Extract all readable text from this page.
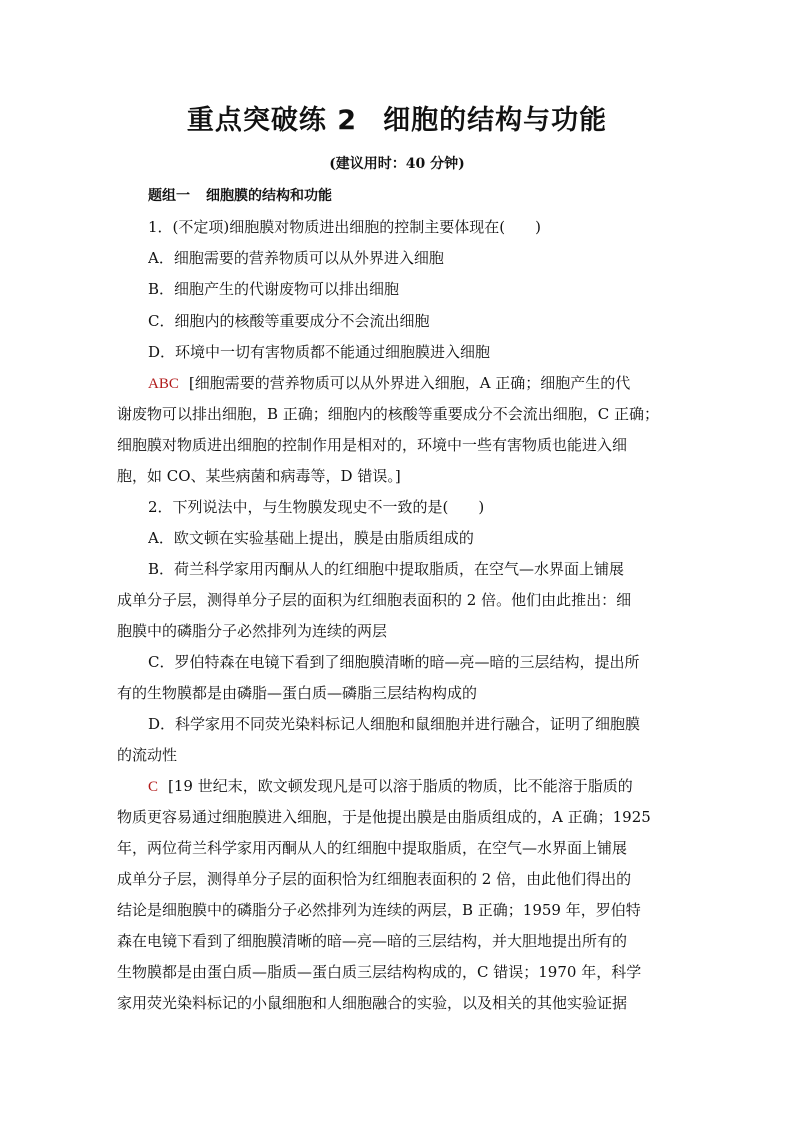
重点突破练 2 细胞的结构与功能
(建议用时：40 分钟)
题组一 细胞膜的结构和功能
1．(不定项)细胞膜对物质进出细胞的控制主要体现在(　　)
A．细胞需要的营养物质可以从外界进入细胞
B．细胞产生的代谢废物可以排出细胞
C．细胞内的核酸等重要成分不会流出细胞
D．环境中一切有害物质都不能通过细胞膜进入细胞
ABC [细胞需要的营养物质可以从外界进入细胞，A 正确；细胞产生的代
谢废物可以排出细胞，B 正确；细胞内的核酸等重要成分不会流出细胞，C 正确；
细胞膜对物质进出细胞的控制作用是相对的，环境中一些有害物质也能进入细
胞，如 CO、某些病菌和病毒等，D 错误。]
2．下列说法中，与生物膜发现史不一致的是(　　)
A．欧文顿在实验基础上提出，膜是由脂质组成的
B．荷兰科学家用丙酮从人的红细胞中提取脂质，在空气—水界面上铺展
成单分子层，测得单分子层的面积为红细胞表面积的 2 倍。他们由此推出：细
胞膜中的磷脂分子必然排列为连续的两层
C．罗伯特森在电镜下看到了细胞膜清晰的暗—亮—暗的三层结构，提出所
有的生物膜都是由磷脂—蛋白质—磷脂三层结构构成的
D．科学家用不同荧光染料标记人细胞和鼠细胞并进行融合，证明了细胞膜
的流动性
C [19 世纪末，欧文顿发现凡是可以溶于脂质的物质，比不能溶于脂质的
物质更容易通过细胞膜进入细胞，于是他提出膜是由脂质组成的，A 正确；1925
年，两位荷兰科学家用丙酮从人的红细胞中提取脂质，在空气—水界面上铺展
成单分子层，测得单分子层的面积恰为红细胞表面积的 2 倍，由此他们得出的
结论是细胞膜中的磷脂分子必然排列为连续的两层，B 正确；1959 年，罗伯特
森在电镜下看到了细胞膜清晰的暗—亮—暗的三层结构，并大胆地提出所有的
生物膜都是由蛋白质—脂质—蛋白质三层结构构成的，C 错误；1970 年，科学
家用荧光染料标记的小鼠细胞和人细胞融合的实验，以及相关的其他实验证据
